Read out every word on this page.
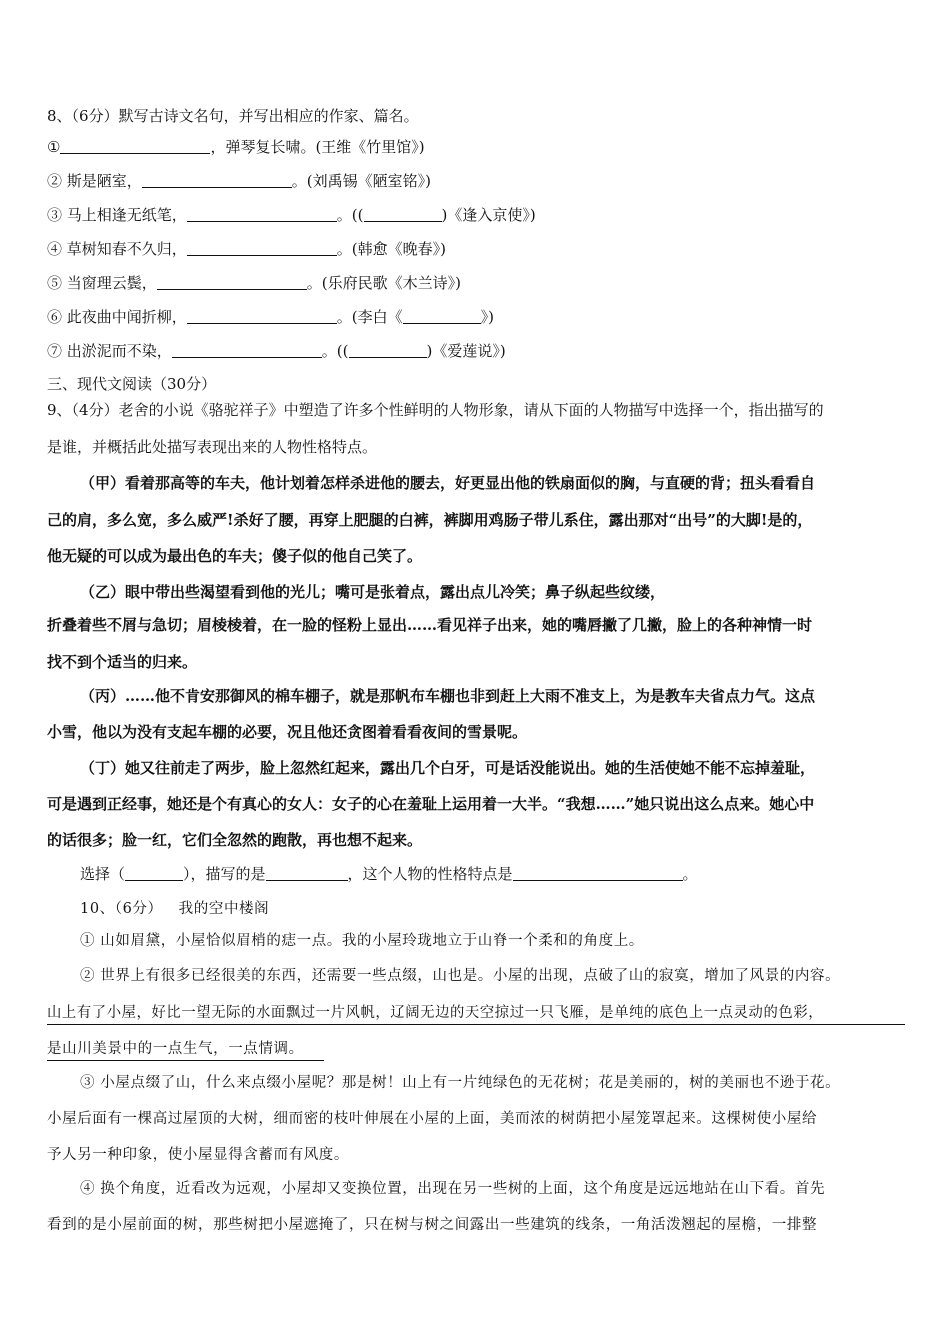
8、（6分）默写古诗文名句，并写出相应的作家、篇名。
①	，弹琴复长啸。(王维《竹里馆》)
② 斯是陋室，	。(刘禹锡《陋室铭》)
③ 马上相逢无纸笔，	。((	)《逢入京使》)
④ 草树知春不久归，	。(韩愈《晚春》)
⑤ 当窗理云鬓，	。(乐府民歌《木兰诗》)
⑥ 此夜曲中闻折柳，	。(李白《	》)
⑦ 出淤泥而不染，	。((	)《爱莲说》)
三、现代文阅读（30分）
9、（4分）老舍的小说《骆驼祥子》中塑造了许多个性鲜明的人物形象，请从下面的人物描写中选择一个，指出描写的
是谁，并概括此处描写表现出来的人物性格特点。
（甲）看着那高等的车夫，他计划着怎样杀进他的腰去，好更显出他的铁扇面似的胸，与直硬的背；扭头看看自
己的肩，多么宽，多么威严!杀好了腰，再穿上肥腿的白裤，裤脚用鸡肠子带儿系住，露出那对“出号”的大脚!是的，
他无疑的可以成为最出色的车夫；傻子似的他自己笑了。
（乙）眼中带出些渴望看到他的光儿；嘴可是张着点，露出点儿冷笑；鼻子纵起些纹缕，
折叠着些不屑与急切；眉棱棱着，在一脸的怪粉上显出……看见祥子出来，她的嘴唇撇了几撇，脸上的各种神情一时
找不到个适当的归来。
（丙）……他不肯安那御风的棉车棚子，就是那帆布车棚也非到赶上大雨不准支上，为是教车夫省点力气。这点
小雪，他以为没有支起车棚的必要，况且他还贪图着看看夜间的雪景呢。
（丁）她又往前走了两步，脸上忽然红起来，露出几个白牙，可是话没能说出。她的生活使她不能不忘掉羞耻，
可是遇到正经事，她还是个有真心的女人：女子的心在羞耻上运用着一大半。“我想……”她只说出这么点来。她心中
的话很多；脸一红，它们全忽然的跑散，再也想不起来。
选择（	），描写的是	，这个人物的性格特点是	。
10、（6分） 我的空中楼阁
① 山如眉黛，小屋恰似眉梢的痣一点。我的小屋玲珑地立于山脊一个柔和的角度上。
② 世界上有很多已经很美的东西，还需要一些点缀，山也是。小屋的出现，点破了山的寂寞，增加了风景的内容。
山上有了小屋，好比一望无际的水面飘过一片风帆，辽阔无边的天空掠过一只飞雁，是单纯的底色上一点灵动的色彩，
是山川美景中的一点生气，一点情调。
③ 小屋点缀了山，什么来点缀小屋呢？那是树！山上有一片纯绿色的无花树；花是美丽的，树的美丽也不逊于花。
小屋后面有一棵高过屋顶的大树，细而密的枝叶伸展在小屋的上面，美而浓的树荫把小屋笼罩起来。这棵树使小屋给
予人另一种印象，使小屋显得含蓄而有风度。
④ 换个角度，近看改为远观，小屋却又变换位置，出现在另一些树的上面，这个角度是远远地站在山下看。首先
看到的是小屋前面的树，那些树把小屋遮掩了，只在树与树之间露出一些建筑的线条，一角活泼翘起的屋檐，一排整
